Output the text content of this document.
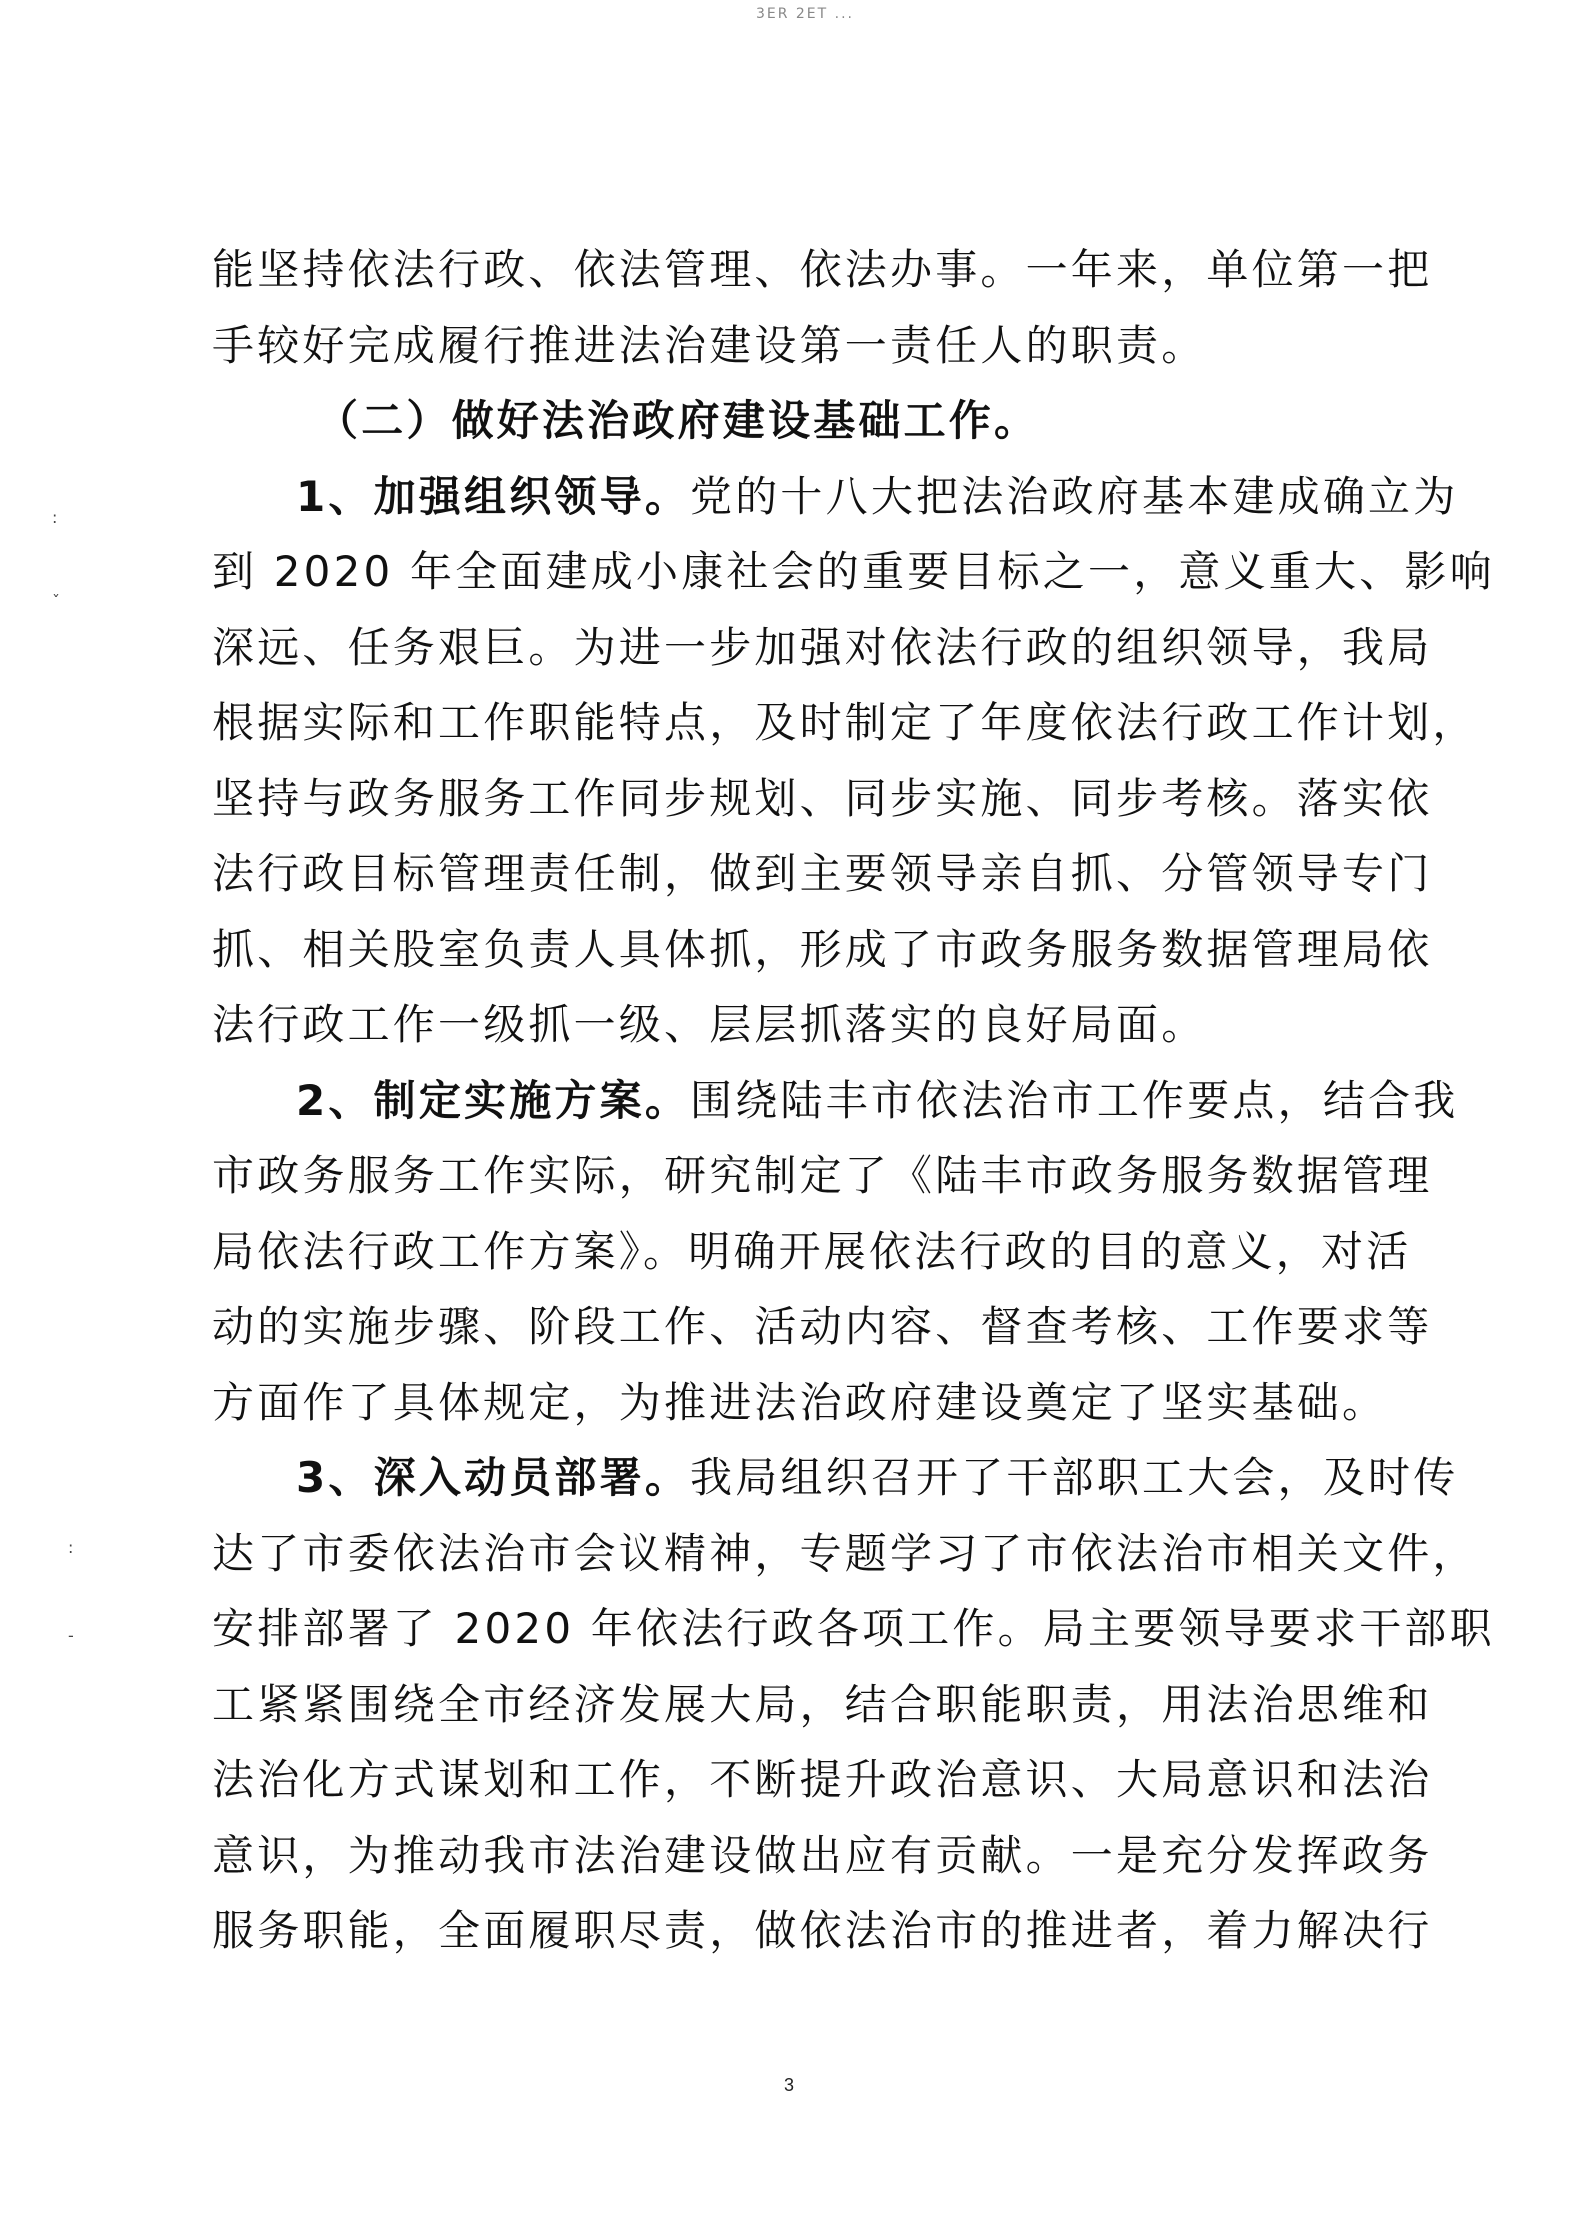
3ER 2ET ...
:
ˇ
:
-
能坚持依法行政、依法管理、依法办事。一年来，单位第一把
手较好完成履行推进法治建设第一责任人的职责。
（二）做好法治政府建设基础工作。
1、加强组织领导。党的十八大把法治政府基本建成确立为
到 2020 年全面建成小康社会的重要目标之一，意义重大、影响
深远、任务艰巨。为进一步加强对依法行政的组织领导，我局
根据实际和工作职能特点，及时制定了年度依法行政工作计划，
坚持与政务服务工作同步规划、同步实施、同步考核。落实依
法行政目标管理责任制，做到主要领导亲自抓、分管领导专门
抓、相关股室负责人具体抓，形成了市政务服务数据管理局依
法行政工作一级抓一级、层层抓落实的良好局面。
2、制定实施方案。围绕陆丰市依法治市工作要点，结合我
市政务服务工作实际，研究制定了《陆丰市政务服务数据管理
局依法行政工作方案》。明确开展依法行政的目的意义，对活
动的实施步骤、阶段工作、活动内容、督查考核、工作要求等
方面作了具体规定，为推进法治政府建设奠定了坚实基础。
3、深入动员部署。我局组织召开了干部职工大会，及时传
达了市委依法治市会议精神，专题学习了市依法治市相关文件，
安排部署了 2020 年依法行政各项工作。局主要领导要求干部职
工紧紧围绕全市经济发展大局，结合职能职责，用法治思维和
法治化方式谋划和工作，不断提升政治意识、大局意识和法治
意识，为推动我市法治建设做出应有贡献。一是充分发挥政务
服务职能，全面履职尽责，做依法治市的推进者，着力解决行
3
